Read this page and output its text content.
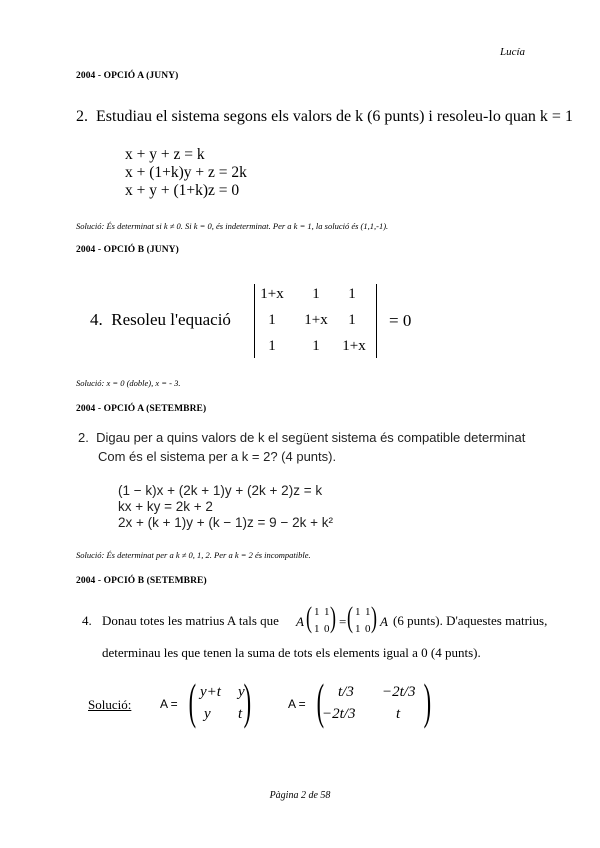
Lucía
2004 - OPCIÓ A (JUNY)
2. Estudiau el sistema segons els valors de k (6 punts) i resoleu-lo quan k = 1
x + y + z = k
x + (1+k)y + z = 2k
x + y + (1+k)z = 0
Solució: És determinat si k ≠ 0. Si k = 0, és indeterminat. Per a k = 1, la solució és (1,1,-1).
2004 - OPCIÓ B (JUNY)
4. Resoleu l'equació
1+x	1	1
1	1+x	1
1	1	1+x
= 0
Solució: x = 0 (doble), x = - 3.
2004 - OPCIÓ A (SETEMBRE)
2. Digau per a quins valors de k el següent sistema és compatible determinat
Com és el sistema per a k = 2? (4 punts).
(1 − k)x + (2k + 1)y + (2k + 2)z = k
kx + ky = 2k + 2
2x + (k + 1)y + (k − 1)z = 9 − 2k + k²
Solució: És determinat per a k ≠ 0, 1, 2. Per a k = 2 és incompatible.
2004 - OPCIÓ B (SETEMBRE)
4. Donau totes les matrius A tals que A ( )
1 1
1 0 = ( )
1 1
1 0 A (6 punts). D'aquestes matrius,
determinau les que tenen la suma de tots els elements igual a 0 (4 punts).
Solució: A = ( )
y+t y
y t
A = ( )
t/3 −2t/3
−2t/3	t
Pàgina 2 de 58
